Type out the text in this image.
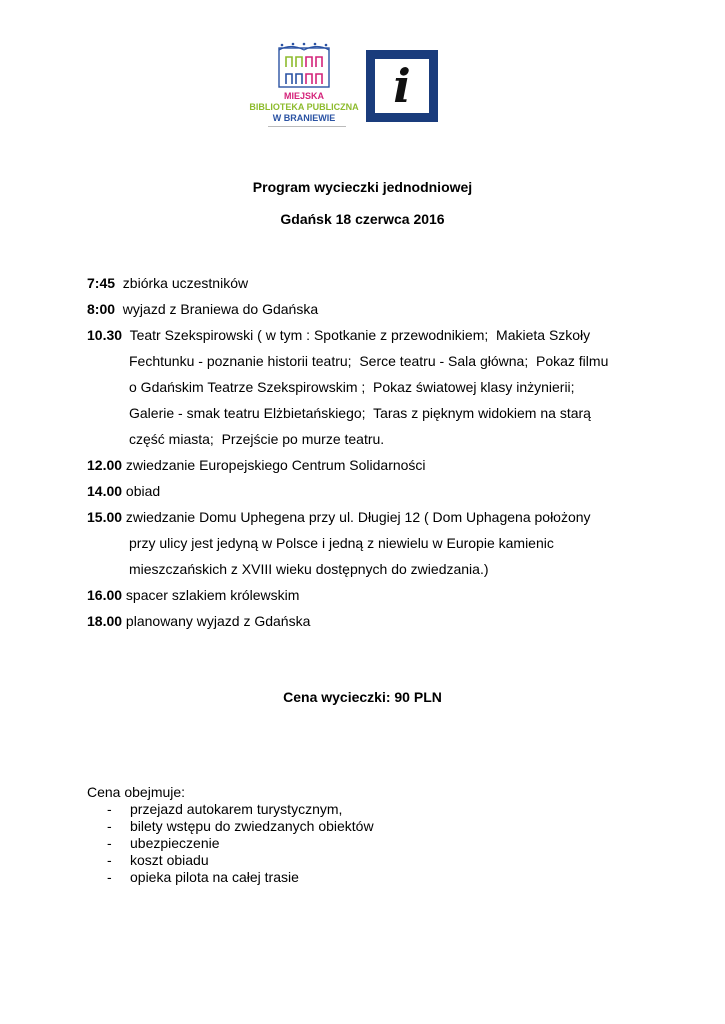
MIEJSKA
BIBLIOTEKA PUBLICZNA
W BRANIEWIE
i
Program wycieczki jednodniowej
Gdańsk 18 czerwca 2016
7:45  zbiórka uczestników
8:00  wyjazd z Braniewa do Gdańska
10.30  Teatr Szekspirowski ( w tym : Spotkanie z przewodnikiem;  Makieta Szkoły
Fechtunku - poznanie historii teatru;  Serce teatru - Sala główna;  Pokaz filmu
o Gdańskim Teatrze Szekspirowskim ;  Pokaz światowej klasy inżynierii;
Galerie - smak teatru Elżbietańskiego;  Taras z pięknym widokiem na starą
część miasta;  Przejście po murze teatru.
12.00 zwiedzanie Europejskiego Centrum Solidarności
14.00 obiad
15.00 zwiedzanie Domu Uphegena przy ul. Długiej 12 ( Dom Uphagena położony
przy ulicy jest jedyną w Polsce i jedną z niewielu w Europie kamienic
mieszczańskich z XVIII wieku dostępnych do zwiedzania.)
16.00 spacer szlakiem królewskim
18.00 planowany wyjazd z Gdańska
Cena wycieczki: 90 PLN
Cena obejmuje:
- przejazd autokarem turystycznym,
- bilety wstępu do zwiedzanych obiektów
- ubezpieczenie
- koszt obiadu
- opieka pilota na całej trasie
